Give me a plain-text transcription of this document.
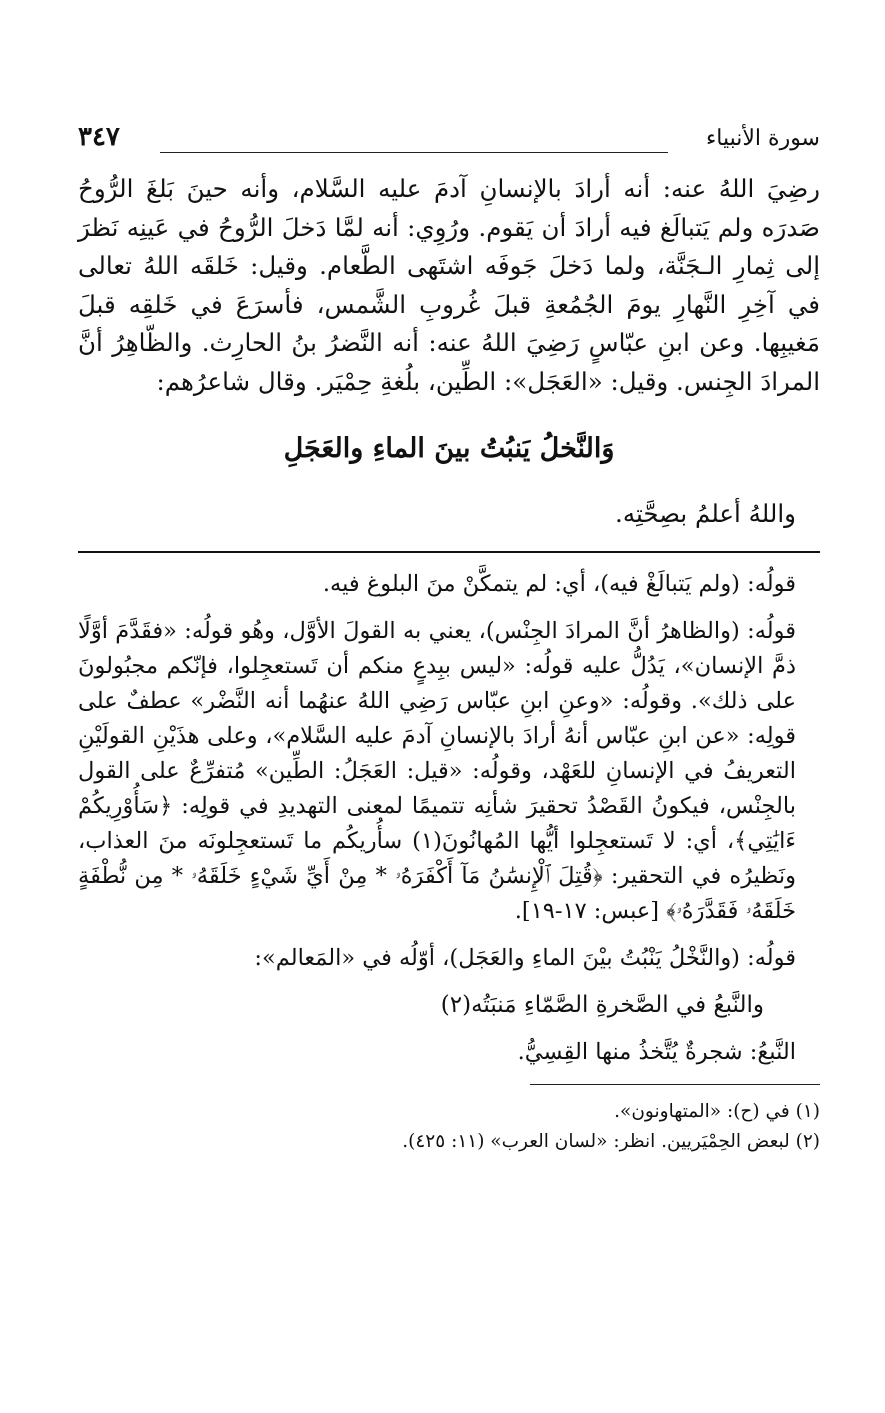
سورة الأنبياء
٣٤٧

رضِيَ اللهُ عنه: أنه أرادَ بالإنسانِ آدمَ عليه السَّلام، وأنه حينَ بَلغَ الرُّوحُ صَدرَه ولم يَتبالَغ فيه أرادَ أن يَقوم. ورُوِي: أنه لمَّا دَخلَ الرُّوحُ في عَينِه نَظرَ إلى ثِمارِ الـجَنَّة، ولما دَخلَ جَوفَه اشتَهى الطَّعام. وقيل: خَلقَه اللهُ تعالى في آخِرِ النَّهارِ يومَ الجُمُعةِ قبلَ غُروبِ الشَّمس، فأسرَعَ في خَلقِه قبلَ مَغيبِها. وعن ابنِ عبّاسٍ رَضِيَ اللهُ عنه: أنه النَّضرُ بنُ الحارِث. والظّاهِرُ أنَّ المرادَ الجِنس. وقيل: «العَجَل»: الطِّين، بلُغةِ حِمْيَر. وقال شاعرُهم:

وَالنَّخلُ يَنبُتُ بينَ الماءِ والعَجَلِ
واللهُ أعلمُ بصِحَّتِه.

قولُه: (ولم يَتبالَغْ فيه)، أي: لم يتمكَّنْ منَ البلوغ فيه.

قولُه: (والظاهرُ أنَّ المرادَ الجِنْس)، يعني به القولَ الأوَّل، وهُو قولُه: «فقَدَّمَ أوَّلًا ذمَّ الإنسان»، يَدُلُّ عليه قولُه: «ليس ببِدعٍ منكم أن تَستعجِلوا، فإنّكم مجبُولونَ على ذلك». وقولُه: «وعنِ ابنِ عبّاس رَضِي اللهُ عنهُما أنه النَّضْر» عطفٌ على قولِه: «عن ابنِ عبّاس أنهُ أرادَ بالإنسانِ آدمَ عليه السَّلام»، وعلى هذَيْنِ القولَيْنِ التعريفُ في الإنسانِ للعَهْد، وقولُه: «قيل: العَجَلُ: الطِّين» مُتفرِّعٌ على القول بالجِنْس، فيكونُ القَصْدُ تحقيرَ شأنِه تتميمًا لمعنى التهديدِ في قولِه: ﴿سَأُوْرِيكُمْ ءَايَٰتِي﴾، أي: لا تَستعجِلوا أيُّها المُهانُونَ(١) سأُريكُم ما تَستعجِلونَه منَ العذاب، ونَظيرُه في التحقير: ﴿قُتِلَ ٱلْإِنسَٰنُ مَآ أَكْفَرَهُۥ * مِنْ أَيِّ شَيْءٍ خَلَقَهُۥ * مِن نُّطْفَةٍ خَلَقَهُۥ فَقَدَّرَهُۥ﴾ [عبس: ١٧-١٩].

قولُه: (والنَّخْلُ يَنْبُتُ بيْنَ الماءِ والعَجَل)، أوّلُه في «المَعالم»:

والنَّبعُ في الصَّخرةِ الصَّمّاءِ مَنبَتُه(٢)

النَّبعُ: شجرةٌ يُتَّخذُ منها القِسِيُّ.

(١) في (ح): «المتهاونون».

(٢) لبعض الحِمْيَريين. انظر: «لسان العرب» (١١: ٤٢٥).
